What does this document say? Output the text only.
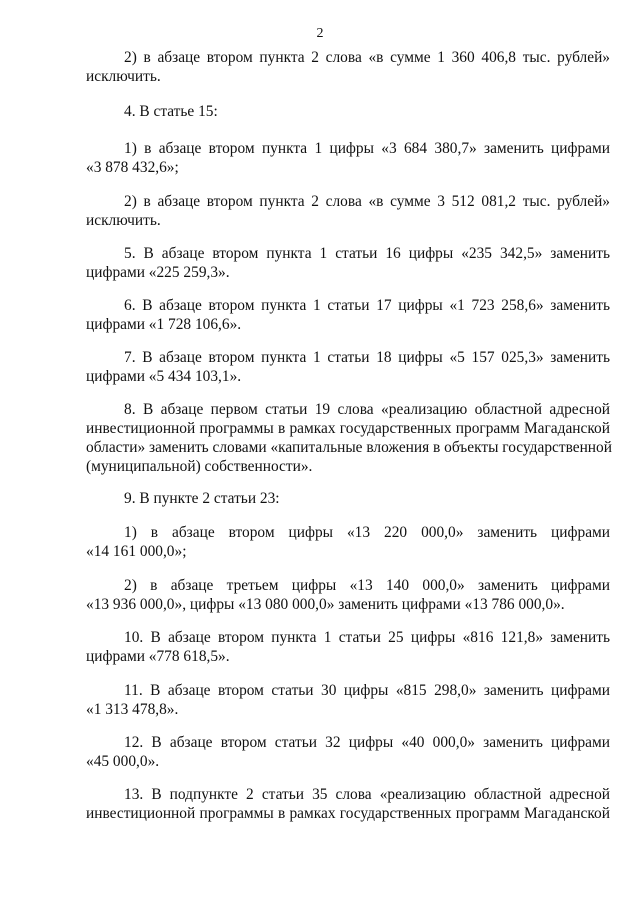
2
2) в абзаце втором пункта 2 слова «в сумме 1 360 406,8 тыс. рублей»
исключить.
4. В статье 15:
1) в абзаце втором пункта 1 цифры «3 684 380,7» заменить цифрами
«3 878 432,6»;
2) в абзаце втором пункта 2 слова «в сумме 3 512 081,2 тыс. рублей»
исключить.
5. В абзаце втором пункта 1 статьи 16 цифры «235 342,5» заменить
цифрами «225 259,3».
6. В абзаце втором пункта 1 статьи 17 цифры «1 723 258,6» заменить
цифрами «1 728 106,6».
7. В абзаце втором пункта 1 статьи 18 цифры «5 157 025,3» заменить
цифрами «5 434 103,1».
8. В абзаце первом статьи 19 слова «реализацию областной адресной
инвестиционной программы в рамках государственных программ Магаданской
области» заменить словами «капитальные вложения в объекты государственной
(муниципальной) собственности».
9. В пункте 2 статьи 23:
1) в абзаце втором цифры «13 220 000,0» заменить цифрами
«14 161 000,0»;
2) в абзаце третьем цифры «13 140 000,0» заменить цифрами
«13 936 000,0», цифры «13 080 000,0» заменить цифрами «13 786 000,0».
10. В абзаце втором пункта 1 статьи 25 цифры «816 121,8» заменить
цифрами «778 618,5».
11. В абзаце втором статьи 30 цифры «815 298,0» заменить цифрами
«1 313 478,8».
12. В абзаце втором статьи 32 цифры «40 000,0» заменить цифрами
«45 000,0».
13. В подпункте 2 статьи 35 слова «реализацию областной адресной
инвестиционной программы в рамках государственных программ Магаданской
